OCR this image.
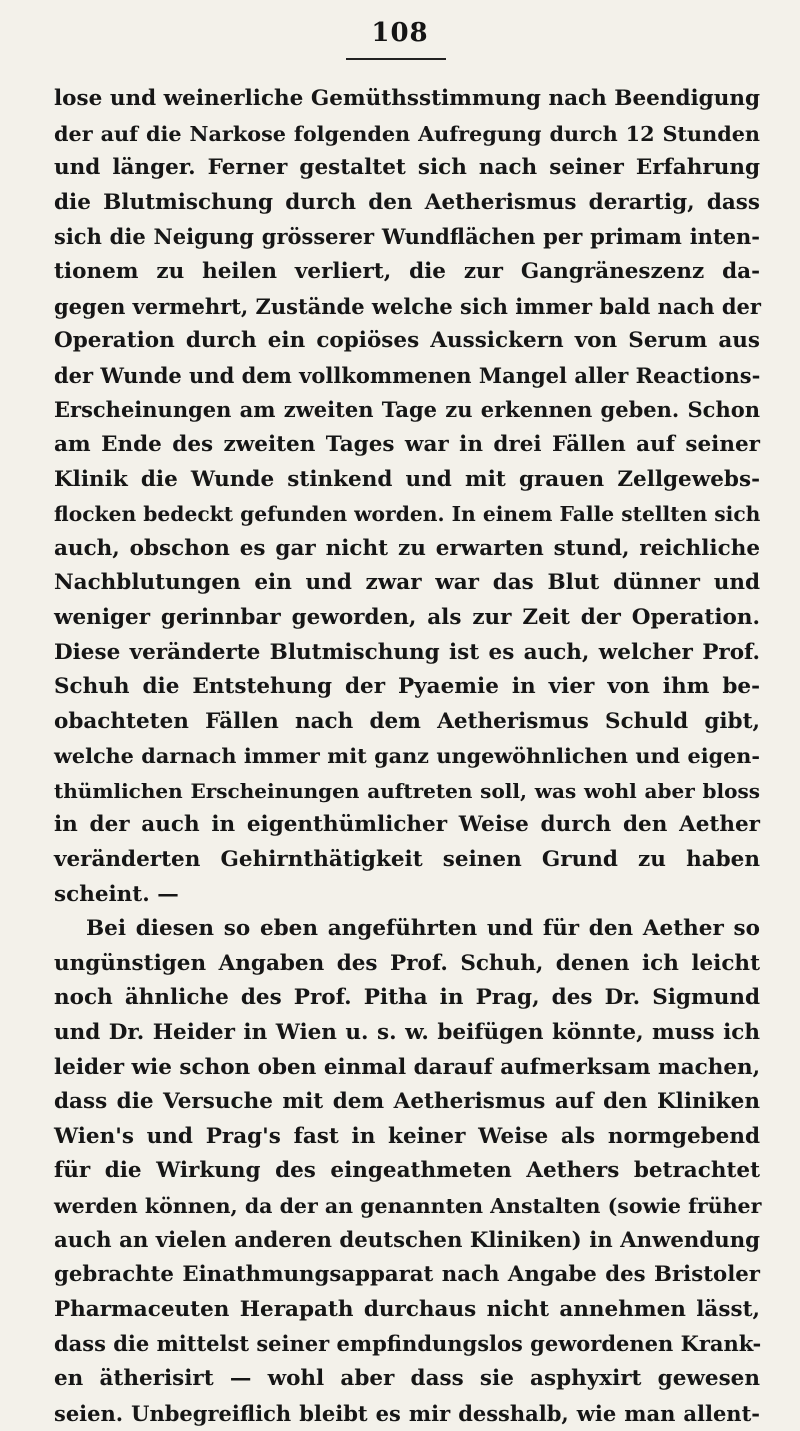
108
lose und weinerliche Gemüthsstimmung nach Beendigung
der auf die Narkose folgenden Aufregung durch 12 Stunden
und länger. Ferner gestaltet sich nach seiner Erfahrung
die Blutmischung durch den Aetherismus derartig, dass
sich die Neigung grösserer Wundflächen per primam inten-
tionem zu heilen verliert, die zur Gangräneszenz da-
gegen vermehrt, Zustände welche sich immer bald nach der
Operation durch ein copiöses Aussickern von Serum aus
der Wunde und dem vollkommenen Mangel aller Reactions-
Erscheinungen am zweiten Tage zu erkennen geben. Schon
am Ende des zweiten Tages war in drei Fällen auf seiner
Klinik die Wunde stinkend und mit grauen Zellgewebs-
flocken bedeckt gefunden worden. In einem Falle stellten sich
auch, obschon es gar nicht zu erwarten stund, reichliche
Nachblutungen ein und zwar war das Blut dünner und
weniger gerinnbar geworden, als zur Zeit der Operation.
Diese veränderte Blutmischung ist es auch, welcher Prof.
Schuh die Entstehung der Pyaemie in vier von ihm be-
obachteten Fällen nach dem Aetherismus Schuld gibt,
welche darnach immer mit ganz ungewöhnlichen und eigen-
thümlichen Erscheinungen auftreten soll, was wohl aber bloss
in der auch in eigenthümlicher Weise durch den Aether
veränderten Gehirnthätigkeit seinen Grund zu haben
scheint. —
Bei diesen so eben angeführten und für den Aether so
ungünstigen Angaben des Prof. Schuh, denen ich leicht
noch ähnliche des Prof. Pitha in Prag, des Dr. Sigmund
und Dr. Heider in Wien u. s. w. beifügen könnte, muss ich
leider wie schon oben einmal darauf aufmerksam machen,
dass die Versuche mit dem Aetherismus auf den Kliniken
Wien's und Prag's fast in keiner Weise als normgebend
für die Wirkung des eingeathmeten Aethers betrachtet
werden können, da der an genannten Anstalten (sowie früher
auch an vielen anderen deutschen Kliniken) in Anwendung
gebrachte Einathmungsapparat nach Angabe des Bristoler
Pharmaceuten Herapath durchaus nicht annehmen lässt,
dass die mittelst seiner empfindungslos gewordenen Krank-
en ätherisirt — wohl aber dass sie asphyxirt gewesen
seien. Unbegreiflich bleibt es mir desshalb, wie man allent-
